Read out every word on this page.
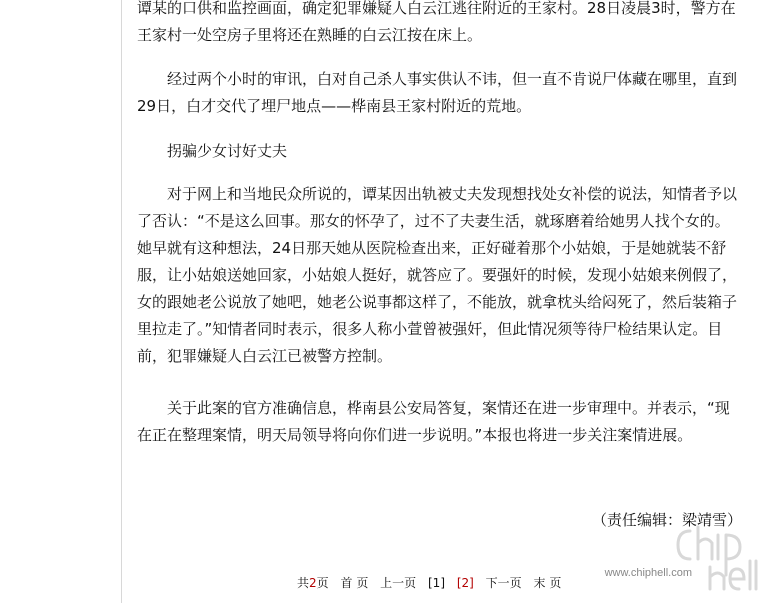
谭某的口供和监控画面，确定犯罪嫌疑人白云江逃往附近的王家村。28日凌晨3时，警方在王家村一处空房子里将还在熟睡的白云江按在床上。

经过两个小时的审讯，白对自己杀人事实供认不讳，但一直不肯说尸体藏在哪里，直到29日，白才交代了埋尸地点——桦南县王家村附近的荒地。

拐骗少女讨好丈夫

对于网上和当地民众所说的，谭某因出轨被丈夫发现想找处女补偿的说法，知情者予以了否认：“不是这么回事。那女的怀孕了，过不了夫妻生活，就琢磨着给她男人找个女的。她早就有这种想法，24日那天她从医院检查出来，正好碰着那个小姑娘，于是她就装不舒服，让小姑娘送她回家，小姑娘人挺好，就答应了。要强奸的时候，发现小姑娘来例假了，女的跟她老公说放了她吧，她老公说事都这样了，不能放，就拿枕头给闷死了，然后装箱子里拉走了。”知情者同时表示，很多人称小萱曾被强奸，但此情况须等待尸检结果认定。目前，犯罪嫌疑人白云江已被警方控制。

关于此案的官方准确信息，桦南县公安局答复，案情还在进一步审理中。并表示，“现在正在整理案情，明天局领导将向你们进一步说明。”本报也将进一步关注案情进展。

（责任编辑：梁靖雪）
共2页 首 页 上一页 [1] [2] 下一页 末 页
www.chiphell.com
